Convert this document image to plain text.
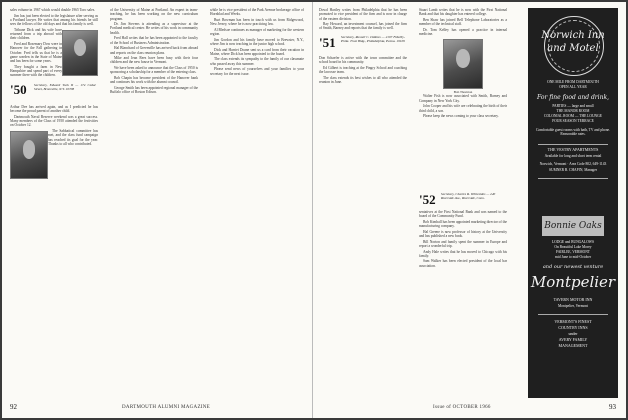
sales volume in 1967 which would double 1965 Toro sales.

Jim has just been elected to the legislature after serving as a Portland lawyer. He writes that among his friends he still sees the fellows of the old days and that his family is well.

Tribune Dick and his wife have returned from a trip abroad with their children.

Fred and Rosemary Dow were in Hanover for the Fall gathering in October. Fred tells us that he is a game warden in the State of Maine and has been for some years.

They bought a farm in New Hampshire and spend part of every summer there with the children.

'50 Secretary, Edward Tuck II — 174 Cedar Street, Bronxville, N.Y. 10708

Arthur Dee has arrived again, and as I predicted he has become the proud parent of another child.

Dartmouth Naval Reserve weekend was a great success. Many members of the Class of 1950 attended the festivities on October 12.

The Sabbatical committee has met, and the class fund campaign has reached its goal for the year. Thanks to all who contributed.

of the University of Maine at Portland. An expert in team-teaching, he has been working on the new curriculum program.

Dr. Jim Stevens is attending as a supervisor at the Portland medical center. He writes of his work in community health.

Fred Hall writes that he has been appointed to the faculty of the School of Business Administration.

Hal Blanchard of Greenville has arrived back from abroad and reports on the class reunion plans.

Mike and Jean Rees have been busy with their four children and the new house in Vermont.

We have been asked to announce that the Class of 1950 is sponsoring a scholarship for a member of the entering class.

Bob Chapin has become president of the Hanover bank and continues his work with the alumni council.

George Smith has been appointed regional manager of the Buffalo office of Boston Edison.

while he is vice president of the Park Avenue brokerage office of Hornblad and Weeks.

Burt Bowman has been in touch with us from Ridgewood, New Jersey, where he is now practicing law.

Al Bledsoe continues as manager of marketing for the western region.

Jim Gordon and his family have moved to Brewster, N.Y., where Jim is now teaching in the junior high school.

Dick and Harriet Doane sent us a card from their vacation in Maine, where Dick has been appointed to the board.

The class extends its sympathy to the family of our classmate who passed away this summer.

Please send news of yourselves and your families to your secretary for the next issue.

92	DARTMOUTH ALUMNI MAGAZINE

Dowd Hartley writes from Philadelphia that he has been promoted to vice president of the firm and is now in charge of the eastern division.

Ray Howard, an investment counsel, has joined the firm of Smith, Barney and reports that the family is well.

'51 Secretary, Russell C. DeRoss — 2107 Fidelity-Phila. Trust Bldg., Philadelphia, Penna. 19109

Don Schaefer is active with the town committee and the school board in his community.

Ed Gilbert is teaching at the Pingry School and coaching the lacrosse team.

The class extends its best wishes to all who attended the reunion in June.

Stuart Lamb writes that he is now with the First National Bank and that his daughter has entered college.

Ben Shaw has joined Bell Telephone Laboratories as a member of the technical staff.

Dr. Tom Kelley has opened a practice in internal medicine.

Bob Thornton

Walter Fish is now associated with Smith, Barney and Company in New York City.

John Cooper and his wife are celebrating the birth of their third child, a son.

Please keep the news coming to your class secretary.

Norwich Inn
and Motel
ONE MILE FROM DARTMOUTH
OPEN ALL YEAR
For fine food and drink,
PARTIES — large and small
THE MANOR ROOM
COLONIAL ROOM — THE LOUNGE
FOUR SEASON TERRACE
Comfortable guest rooms with bath, TV and phone. Reasonable rates.
THE VESTRY APARTMENTS
Available for long and short term rental
Norwich, Vermont · Area Code 802, 649-1143
SUMNER B. CHAPIN, Manager
Bonnie Oaks
LODGE and BUNGALOWS
On Beautiful Lake Morey
FAIRLEE, VERMONT
mid June to mid-October
and our newest venture
Montpelier
TAVERN MOTOR INN
Montpelier, Vermont
VERMONT'S FINEST
COUNTRY INNS
under
AVERY FAMILY
MANAGEMENT
'52 Secretary, Charles R. Whitesides — 240 Riverside Ave., Riverside, Conn.

sentatives at the First National Bank and was named to the board of the Community Fund.

Bob Kimball has been appointed marketing director of the manufacturing company.

Hal Greene is now professor of history at the University and has published a new book.

Bill Norton and family spent the summer in Europe and report a wonderful trip.

Andy Hale writes that he has moved to Chicago with his family.

Sam Walker has been elected president of the local bar association.

Issue of OCTOBER 1966	93
